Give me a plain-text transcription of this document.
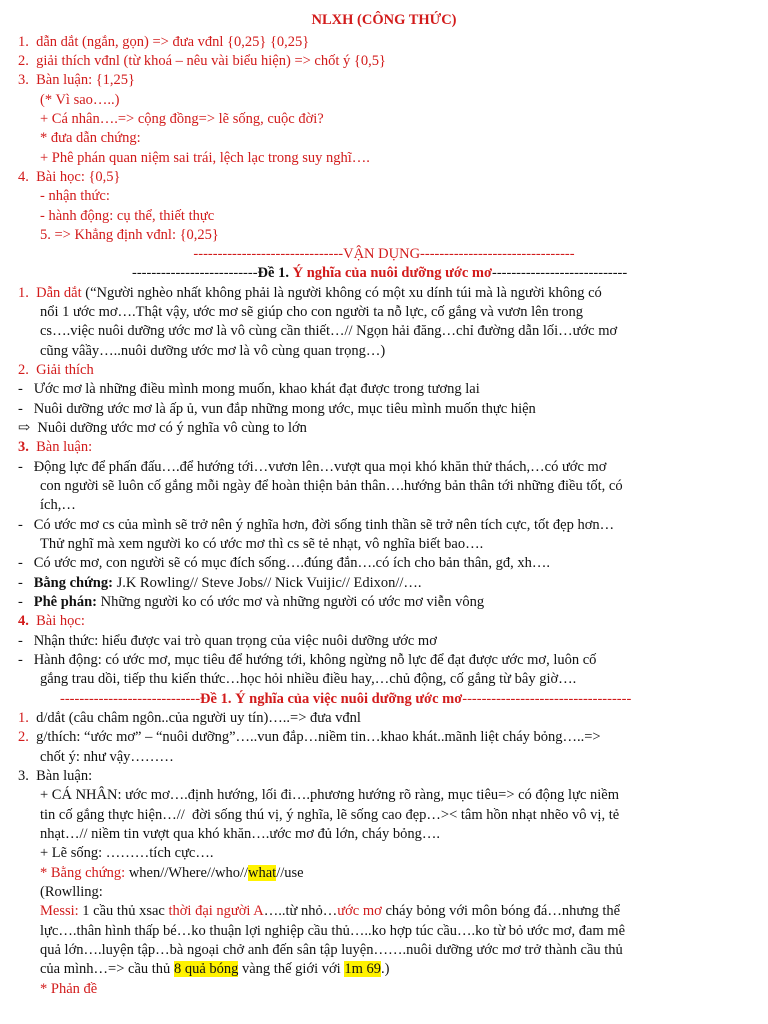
NLXH (CÔNG THỨC)
1.  dẫn dắt (ngắn, gọn) => đưa vđnl {0,25} {0,25}
2.  giải thích vđnl (từ khoá – nêu vài biểu hiện) => chốt ý {0,5}
3.  Bàn luận: {1,25}
(* Vì sao…..)
+ Cá nhân….=> cộng đồng=> lẽ sống, cuộc đời?
* đưa dẫn chứng:
+ Phê phán quan niệm sai trái, lệch lạc trong suy nghĩ….
4.  Bài học: {0,5}
- nhận thức:
- hành động: cụ thể, thiết thực
5. => Khẳng định vđnl: {0,25}
-------------------------------VẬN DỤNG--------------------------------
--------------------------Đề 1. Ý nghĩa của nuôi dưỡng ước mơ----------------------------
1.  Dẫn dắt (“Người nghèo nhất không phải là người không có một xu dính túi mà là người không có
nổi 1 ước mơ….Thật vậy, ước mơ sẽ giúp cho con người ta nỗ lực, cố gắng và vươn lên trong
cs….việc nuôi dưỡng ước mơ là vô cùng cần thiết…// Ngọn hải đăng…chỉ đường dẫn lối…ước mơ
cũng vâầy…..nuôi dưỡng ước mơ là vô cùng quan trọng…)
2.  Giải thích
-   Ước mơ là những điều mình mong muốn, khao khát đạt được trong tương lai
-   Nuôi dưỡng ước mơ là ấp ủ, vun đắp những mong ước, mục tiêu mình muốn thực hiện
⇨  Nuôi dưỡng ước mơ có ý nghĩa vô cùng to lớn
3.  Bàn luận:
-   Động lực để phấn đấu….để hướng tới…vươn lên…vượt qua mọi khó khăn thử thách,…có ước mơ
con người sẽ luôn cố gắng mỗi ngày để hoàn thiện bản thân….hướng bản thân tới những điều tốt, có
ích,…
-   Có ước mơ cs của mình sẽ trở nên ý nghĩa hơn, đời sống tinh thần sẽ trở nên tích cực, tốt đẹp hơn…
Thử nghĩ mà xem người ko có ước mơ thì cs sẽ tẻ nhạt, vô nghĩa biết bao….
-   Có ước mơ, con người sẽ có mục đích sống….đúng đắn….có ích cho bản thân, gđ, xh….
-   Bằng chứng: J.K Rowling// Steve Jobs// Nick Vuijic// Edixon//….
-   Phê phán: Những người ko có ước mơ và những người có ước mơ viễn vông
4.  Bài học:
-   Nhận thức: hiểu được vai trò quan trọng của việc nuôi dưỡng ước mơ
-   Hành động: có ước mơ, mục tiêu để hướng tới, không ngừng nỗ lực để đạt được ước mơ, luôn cố
gắng trau dồi, tiếp thu kiến thức…học hỏi nhiều điều hay,…chủ động, cố gắng từ bây giờ….
-----------------------------Đề 1. Ý nghĩa của việc nuôi dưỡng ước mơ-----------------------------------
1.  d/dắt (câu châm ngôn..của người uy tín)…..=> đưa vđnl
2.  g/thích: “ước mơ” – “nuôi dưỡng”…..vun đắp…niềm tin…khao khát..mãnh liệt cháy bỏng…..=>
chốt ý: như vậy………
3.  Bàn luận:
+ CÁ NHÂN: ước mơ….định hướng, lối đi….phương hướng rõ ràng, mục tiêu=> có động lực niềm
tin cố gắng thực hiện…//  đời sống thú vị, ý nghĩa, lẽ sống cao đẹp…>< tâm hồn nhạt nhẽo vô vị, tẻ
nhạt…// niềm tin vượt qua khó khăn….ước mơ đủ lớn, cháy bỏng….
+ Lẽ sống: ………tích cực….
* Bằng chứng: when//Where//who//what//use
(Rowlling:
Messi: 1 cầu thủ xsac thời đại người A…..từ nhỏ…ước mơ cháy bỏng với môn bóng đá…nhưng thể
lực….thân hình thấp bé…ko thuận lợi nghiệp cầu thủ…..ko hợp túc cầu….ko từ bỏ ước mơ, đam mê
quả lớn….luyện tập…bà ngoại chở anh đến sân tập luyện…….nuôi dưỡng ước mơ trở thành cầu thủ
của mình…=> cầu thủ 8 quả bóng vàng thế giới với 1m 69.)
* Phản đề
